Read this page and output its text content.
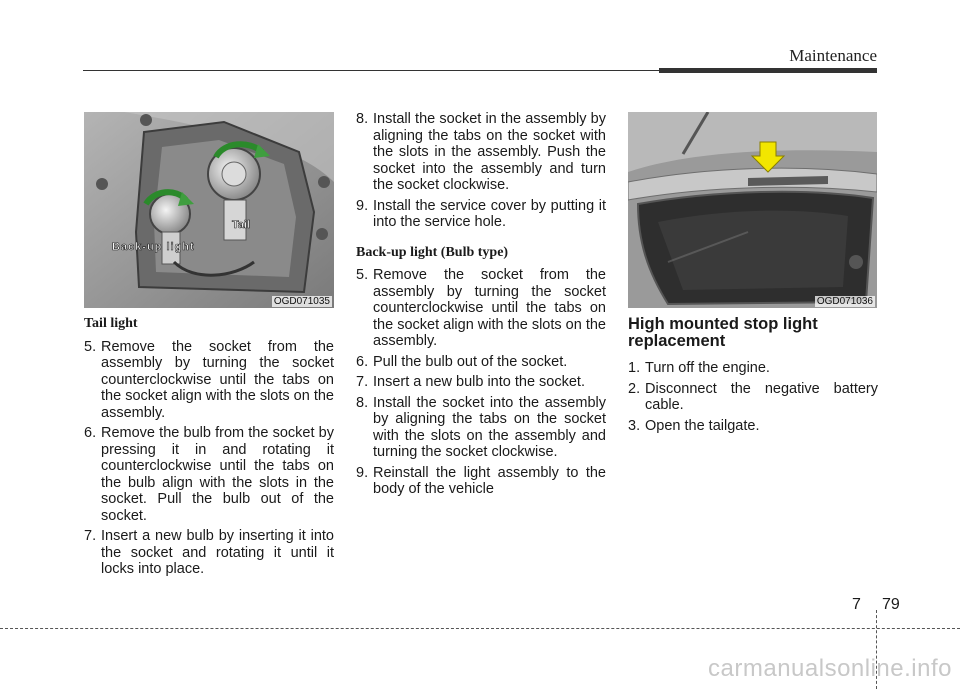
Maintenance
Tail
Back-up light
OGD071035	OGD071036
Tail light
5. Remove the socket from the assembly by turning the socket counterclockwise until the tabs on the socket align with the slots on the assembly.
6. Remove the bulb from the socket by pressing it in and rotating it counterclockwise until the tabs on the bulb align with the slots in the socket. Pull the bulb out of the socket.
7. Insert a new bulb by inserting it into the socket and rotating it until it locks into place.
8. Install the socket in the assembly by aligning the tabs on the socket with the slots in the assembly. Push the socket into the assembly and turn the socket clockwise.
9. Install the service cover by putting it into the service hole.
Back-up light (Bulb type)
5. Remove the socket from the assembly by turning the socket counterclockwise until the tabs on the socket align with the slots on the assembly.
6. Pull the bulb out of the socket.
7. Insert a new bulb into the socket.
8. Install the socket into the assembly by aligning the tabs on the socket with the slots on the assembly and turning the socket clockwise.
9. Reinstall the light assembly to the body of the vehicle
High mounted stop light replacement
1. Turn off the engine.
2. Disconnect the negative battery cable.
3. Open the tailgate.
7 79
carmanualsonline.info
